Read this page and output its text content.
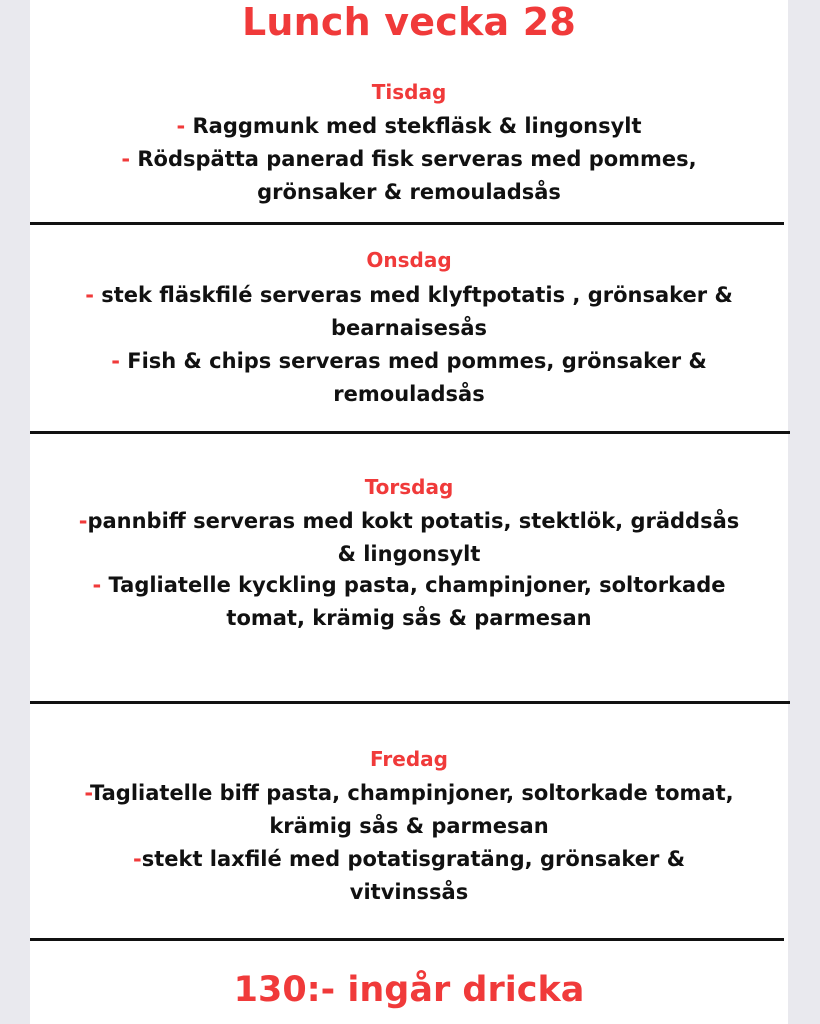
Lunch vecka 28
Tisdag
- Raggmunk med stekfläsk & lingonsylt
- Rödspätta panerad fisk serveras med pommes,
grönsaker & remouladsås
Onsdag
- stek fläskfilé serveras med klyftpotatis , grönsaker &
bearnaisesås
- Fish & chips serveras med pommes, grönsaker &
remouladsås
Torsdag
-pannbiff serveras med kokt potatis, stektlök, gräddsås
& lingonsylt
- Tagliatelle kyckling pasta, champinjoner, soltorkade
tomat, krämig sås & parmesan
Fredag
-Tagliatelle biff pasta, champinjoner, soltorkade tomat,
krämig sås & parmesan
-stekt laxfilé med potatisgratäng, grönsaker &
vitvinssås
130:- ingår dricka
